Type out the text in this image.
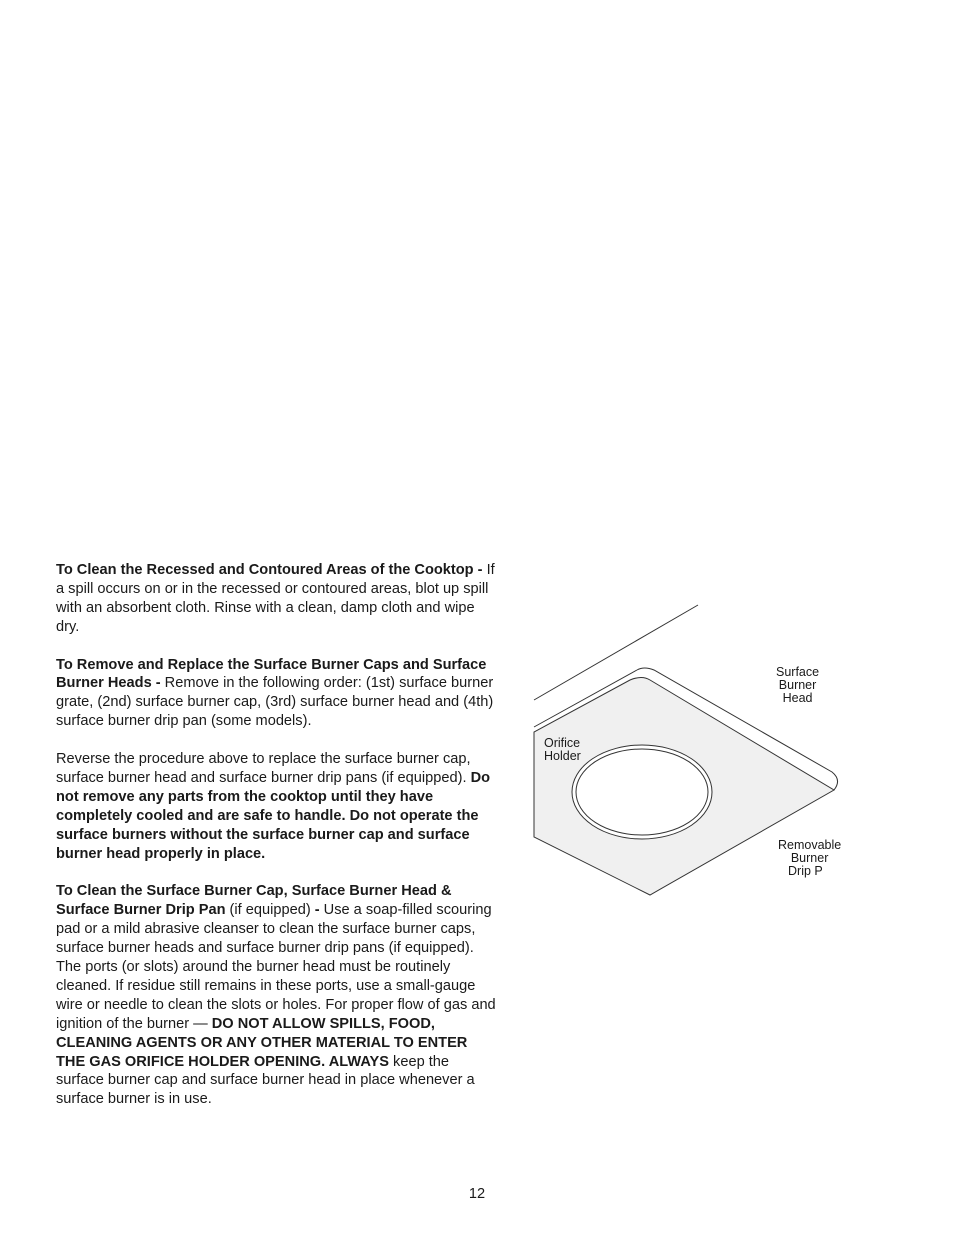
To Clean the Recessed and Contoured Areas of the Cooktop - If a spill occurs on or in the recessed or contoured areas, blot up spill with an absorbent cloth. Rinse with a clean, damp cloth and wipe dry.

To Remove and Replace the Surface Burner Caps and Surface Burner Heads - Remove in the following order: (1st) surface burner grate, (2nd) surface burner cap, (3rd) surface burner head and (4th) surface burner drip pan (some models).

Reverse the procedure above to replace the surface burner cap, surface burner head and surface burner drip pans (if equipped). Do not remove any parts from the cooktop until they have completely cooled and are safe to handle. Do not operate the surface burners without the surface burner cap and surface burner head properly in place.

To Clean the Surface Burner Cap, Surface Burner Head & Surface Burner Drip Pan (if equipped) - Use a soap-filled scouring pad or a mild abrasive cleanser to clean the surface burner caps, surface burner heads and surface burner drip pans (if equipped). The ports (or slots) around the burner head must be routinely cleaned. If residue still remains in these ports, use a small-gauge wire or needle to clean the slots or holes. For proper flow of gas and ignition of the burner — DO NOT ALLOW SPILLS, FOOD, CLEANING AGENTS OR ANY OTHER MATERIAL TO ENTER THE GAS ORIFICE HOLDER OPENING. ALWAYS keep the surface burner cap and surface burner head in place whenever a surface burner is in use.

Surface
Burner
Head
Orifice
Holder
Removable
Burner
Drip P
12
